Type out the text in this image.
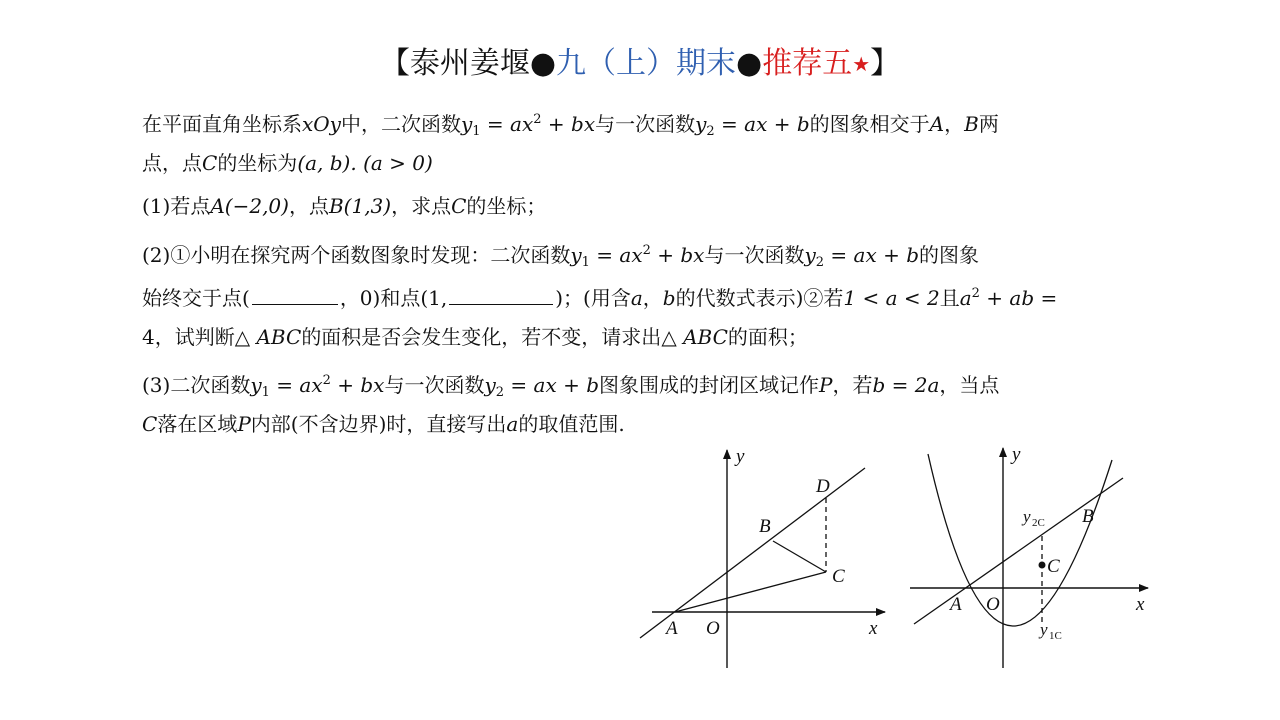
【泰州姜堰●九（上）期末●推荐五★】
在平面直角坐标系xOy中，二次函数$y_1 = ax^2$ + bx与一次函数$y_2$ = ax + b的图象相交于A，B两
点，点C的坐标为(a, b). (a > 0)
(1)若点A(−2,0)，点B(1,3)，求点C的坐标；
(2)①小明在探究两个函数图象时发现：二次函数$y_1 = ax^2$ + bx与一次函数$y_2$ = ax + b的图象
始终交于点(	，0)和点(1,	)；(用含a，b的代数式表示)②若1 < a < 2且$a^2$ + ab =
4，试判断△ ABC的面积是否会发生变化，若不变，请求出△ ABC的面积；
(3)二次函数$y_1 = ax^2$ + bx与一次函数$y_2$ = ax + b图象围成的封闭区域记作P，若b = 2a，当点
C落在区域P内部(不含边界)时，直接写出a的取值范围.
y
x
O
A
B
C
D
y
x
O
A
B
C
y 2C
y 1C
